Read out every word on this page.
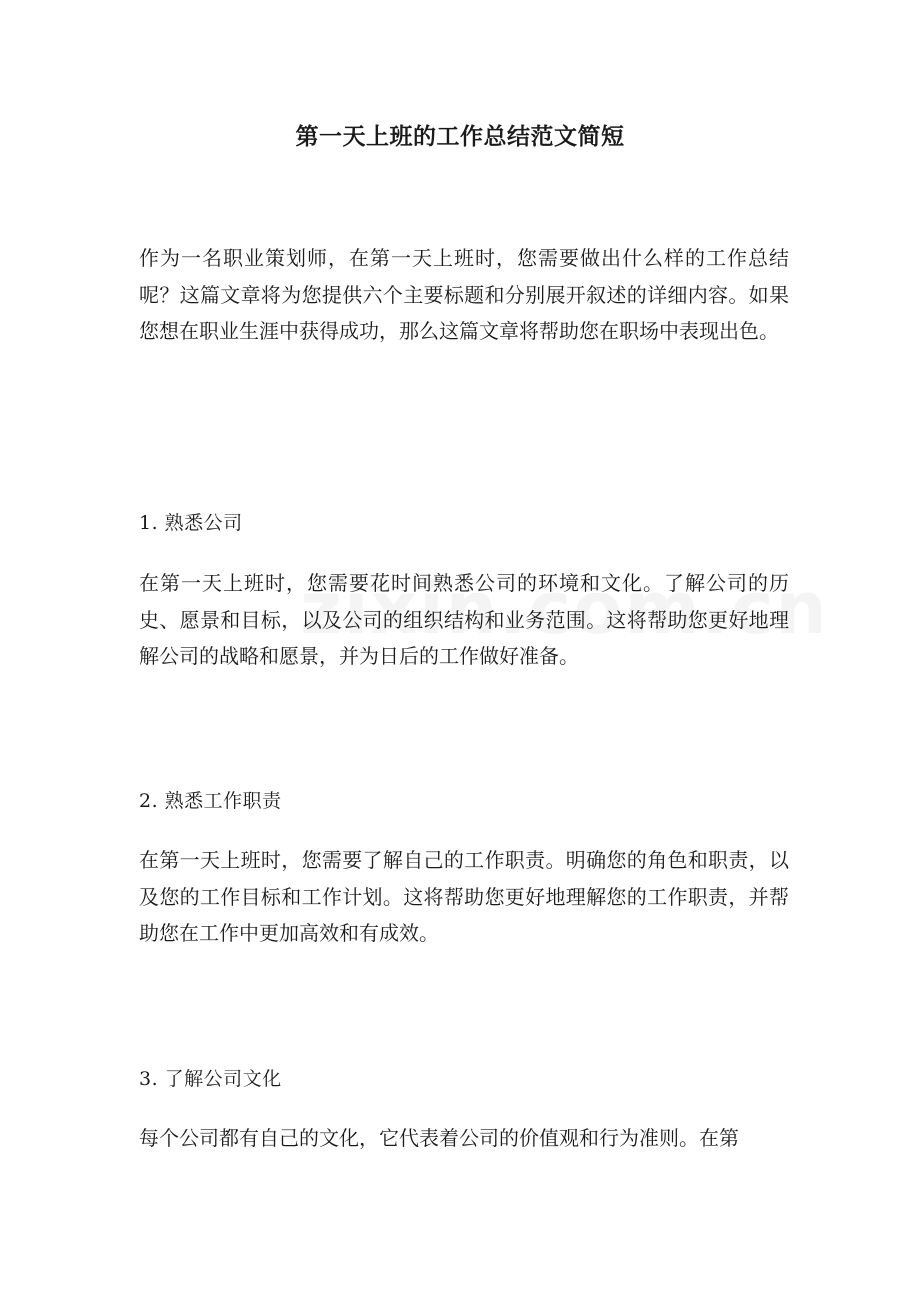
第一天上班的工作总结范文简短

作为一名职业策划师，在第一天上班时，您需要做出什么样的工作总结呢？这篇文章将为您提供六个主要标题和分别展开叙述的详细内容。如果您想在职业生涯中获得成功，那么这篇文章将帮助您在职场中表现出色。

1. 熟悉公司

在第一天上班时，您需要花时间熟悉公司的环境和文化。了解公司的历史、愿景和目标，以及公司的组织结构和业务范围。这将帮助您更好地理解公司的战略和愿景，并为日后的工作做好准备。

2. 熟悉工作职责

在第一天上班时，您需要了解自己的工作职责。明确您的角色和职责，以及您的工作目标和工作计划。这将帮助您更好地理解您的工作职责，并帮助您在工作中更加高效和有成效。

3. 了解公司文化

每个公司都有自己的文化，它代表着公司的价值观和行为准则。在第
